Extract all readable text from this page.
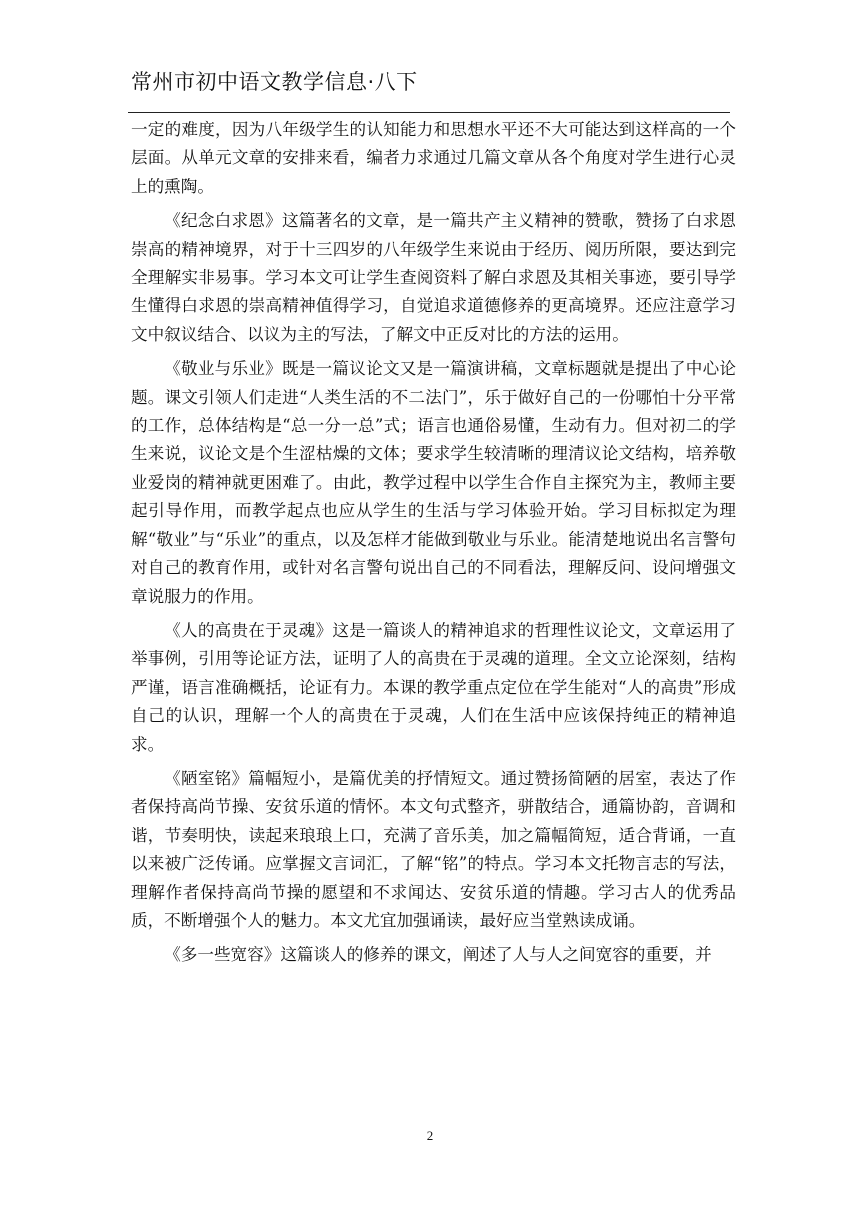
常州市初中语文教学信息·八下

一定的难度，因为八年级学生的认知能力和思想水平还不大可能达到这样高的一个层面。从单元文章的安排来看，编者力求通过几篇文章从各个角度对学生进行心灵上的熏陶。

《纪念白求恩》这篇著名的文章，是一篇共产主义精神的赞歌，赞扬了白求恩崇高的精神境界，对于十三四岁的八年级学生来说由于经历、阅历所限，要达到完全理解实非易事。学习本文可让学生查阅资料了解白求恩及其相关事迹，要引导学生懂得白求恩的崇高精神值得学习，自觉追求道德修养的更高境界。还应注意学习文中叙议结合、以议为主的写法，了解文中正反对比的方法的运用。

《敬业与乐业》既是一篇议论文又是一篇演讲稿，文章标题就是提出了中心论题。课文引领人们走进“人类生活的不二法门”，乐于做好自己的一份哪怕十分平常的工作，总体结构是“总一分一总”式；语言也通俗易懂，生动有力。但对初二的学生来说，议论文是个生涩枯燥的文体；要求学生较清晰的理清议论文结构，培养敬业爱岗的精神就更困难了。由此，教学过程中以学生合作自主探究为主，教师主要起引导作用，而教学起点也应从学生的生活与学习体验开始。学习目标拟定为理解“敬业”与“乐业”的重点，以及怎样才能做到敬业与乐业。能清楚地说出名言警句对自己的教育作用，或针对名言警句说出自己的不同看法，理解反问、设问增强文章说服力的作用。

《人的高贵在于灵魂》这是一篇谈人的精神追求的哲理性议论文，文章运用了举事例，引用等论证方法，证明了人的高贵在于灵魂的道理。全文立论深刻，结构严谨，语言准确概括，论证有力。本课的教学重点定位在学生能对“人的高贵”形成自己的认识，理解一个人的高贵在于灵魂，人们在生活中应该保持纯正的精神追求。

《陋室铭》篇幅短小，是篇优美的抒情短文。通过赞扬简陋的居室，表达了作者保持高尚节操、安贫乐道的情怀。本文句式整齐，骈散结合，通篇协韵，音调和谐，节奏明快，读起来琅琅上口，充满了音乐美，加之篇幅简短，适合背诵，一直以来被广泛传诵。应掌握文言词汇，了解“铭”的特点。学习本文托物言志的写法，理解作者保持高尚节操的愿望和不求闻达、安贫乐道的情趣。学习古人的优秀品质，不断增强个人的魅力。本文尤宜加强诵读，最好应当堂熟读成诵。

《多一些宽容》这篇谈人的修养的课文，阐述了人与人之间宽容的重要，并

2
